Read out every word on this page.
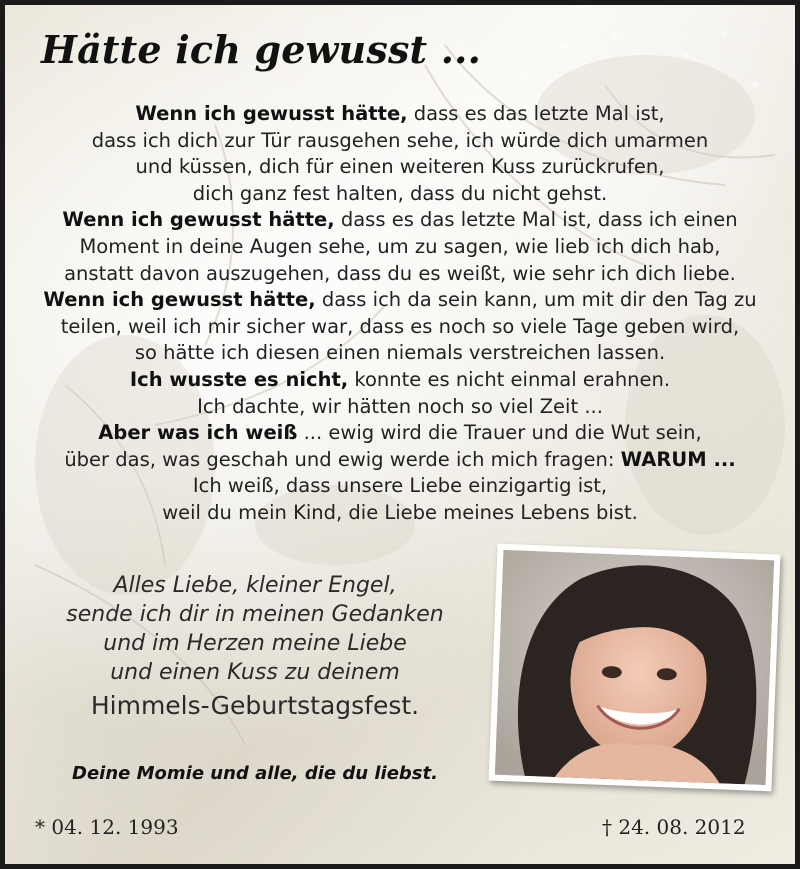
Hätte ich gewusst ...
Wenn ich gewusst hätte, dass es das letzte Mal ist,
dass ich dich zur Tür rausgehen sehe, ich würde dich umarmen
und küssen, dich für einen weiteren Kuss zurückrufen,
dich ganz fest halten, dass du nicht gehst.
Wenn ich gewusst hätte, dass es das letzte Mal ist, dass ich einen
Moment in deine Augen sehe, um zu sagen, wie lieb ich dich hab,
anstatt davon auszugehen, dass du es weißt, wie sehr ich dich liebe.
Wenn ich gewusst hätte, dass ich da sein kann, um mit dir den Tag zu
teilen, weil ich mir sicher war, dass es noch so viele Tage geben wird,
so hätte ich diesen einen niemals verstreichen lassen.
Ich wusste es nicht, konnte es nicht einmal erahnen.
Ich dachte, wir hätten noch so viel Zeit ...
Aber was ich weiß ... ewig wird die Trauer und die Wut sein,
über das, was geschah und ewig werde ich mich fragen: WARUM ...
Ich weiß, dass unsere Liebe einzigartig ist,
weil du mein Kind, die Liebe meines Lebens bist.
Alles Liebe, kleiner Engel,
sende ich dir in meinen Gedanken
und im Herzen meine Liebe
und einen Kuss zu deinem
Himmels-Geburtstagsfest.
Deine Momie und alle, die du liebst.
* 04. 12. 1993	† 24. 08. 2012
